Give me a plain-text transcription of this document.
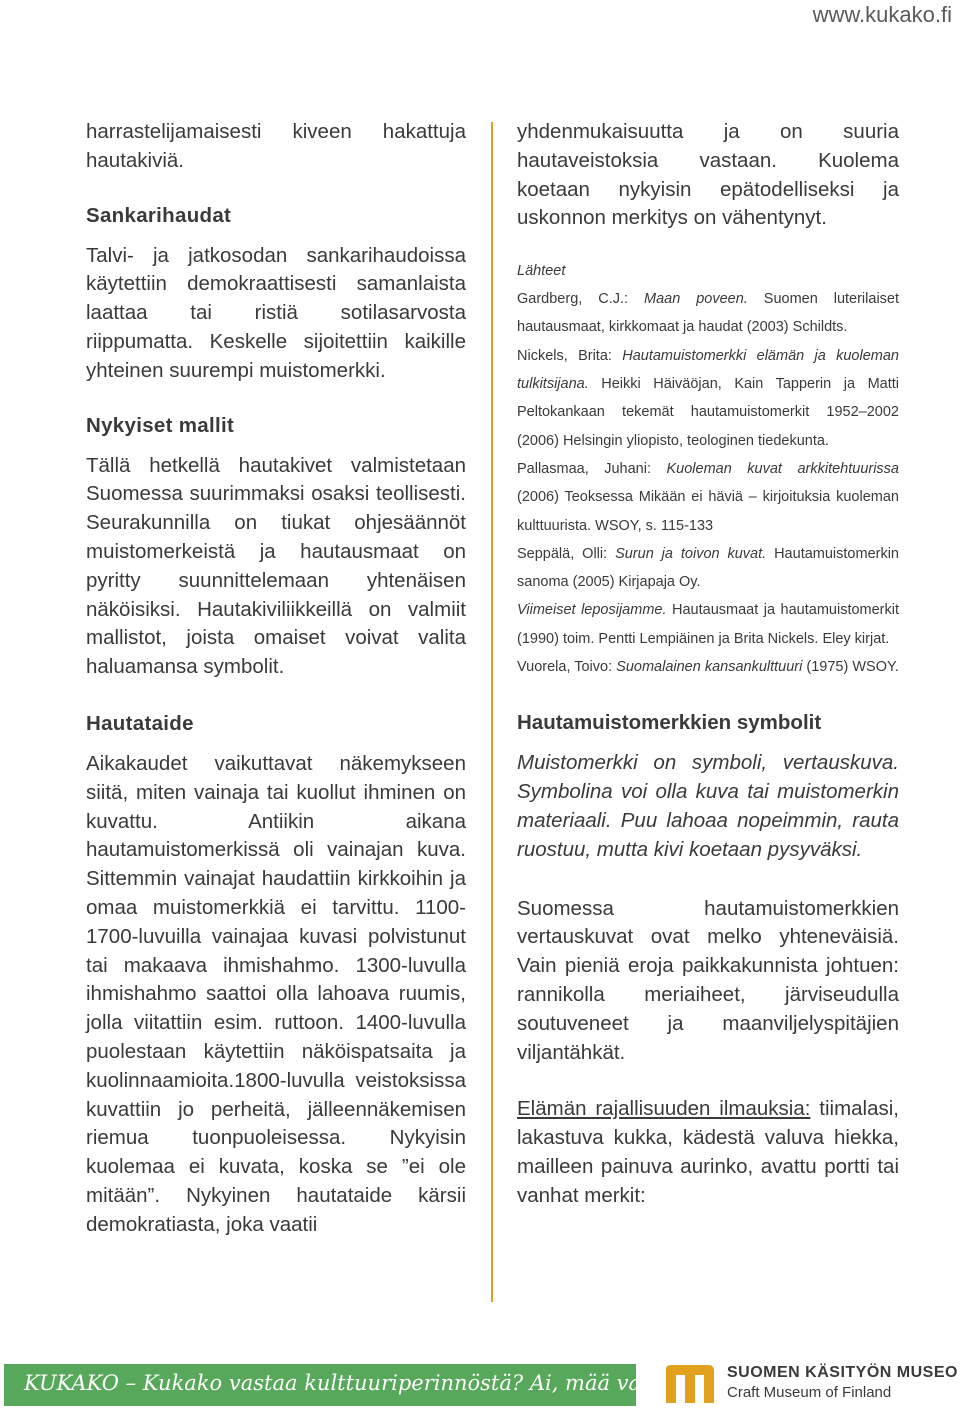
www.kukako.fi

harrastelijamaisesti kiveen hakattuja hautakiviä.

Sankarihaudat

Talvi- ja jatkosodan sankarihaudoissa käytettiin demokraattisesti samanlaista laattaa tai ristiä sotilasarvosta riippumatta. Keskelle sijoitettiin kaikille yhteinen suurempi muistomerkki.

Nykyiset mallit

Tällä hetkellä hautakivet valmistetaan Suomessa suurimmaksi osaksi teollisesti. Seurakunnilla on tiukat ohjesäännöt muistomerkeistä ja hautausmaat on pyritty suunnittelemaan yhtenäisen näköisiksi. Hautakiviliikkeillä on valmiit mallistot, joista omaiset voivat valita haluamansa symbolit.

Hautataide

Aikakaudet vaikuttavat näkemykseen siitä, miten vainaja tai kuollut ihminen on kuvattu. Antiikin aikana hautamuistomerkissä oli vainajan kuva. Sittemmin vainajat haudattiin kirkkoihin ja omaa muistomerkkiä ei tarvittu. 1100-1700-luvuilla vainajaa kuvasi polvistunut tai makaava ihmishahmo. 1300-luvulla ihmishahmo saattoi olla lahoava ruumis, jolla viitattiin esim. ruttoon. 1400-luvulla puolestaan käytettiin näköispatsaita ja kuolinnaamioita.1800-luvulla veistoksissa kuvattiin jo perheitä, jälleennäkemisen riemua tuonpuoleisessa. Nykyisin kuolemaa ei kuvata, koska se ”ei ole mitään”. Nykyinen hautataide kärsii demokratiasta, joka vaatii

yhdenmukaisuutta ja on suuria hautaveistoksia vastaan. Kuolema koetaan nykyisin epätodelliseksi ja uskonnon merkitys on vähentynyt.

Lähteet

Gardberg, C.J.: Maan poveen. Suomen luterilaiset hautausmaat, kirkkomaat ja haudat (2003) Schildts.

Nickels, Brita: Hautamuistomerkki elämän ja kuoleman tulkitsijana. Heikki Häiväöjan, Kain Tapperin ja Matti Peltokankaan tekemät hautamuistomerkit 1952–2002 (2006) Helsingin yliopisto, teologinen tiedekunta.

Pallasmaa, Juhani: Kuoleman kuvat arkkitehtuurissa (2006) Teoksessa Mikään ei häviä – kirjoituksia kuoleman kulttuurista. WSOY, s. 115-133

Seppälä, Olli: Surun ja toivon kuvat. Hautamuistomerkin sanoma (2005) Kirjapaja Oy.

Viimeiset leposijamme. Hautausmaat ja hautamuistomerkit (1990) toim. Pentti Lempiäinen ja Brita Nickels. Eley kirjat.

Vuorela, Toivo: Suomalainen kansankulttuuri (1975) WSOY.

Hautamuistomerkkien symbolit

Muistomerkki on symboli, vertauskuva. Symbolina voi olla kuva tai muistomerkin materiaali. Puu lahoaa nopeimmin, rauta ruostuu, mutta kivi koetaan pysyväksi.

Suomessa hautamuistomerkkien vertauskuvat ovat melko yhteneväisiä. Vain pieniä eroja paikkakunnista johtuen: rannikolla meriaiheet, järviseudulla soutuveneet ja maanviljelyspitäjien viljantähkät.

Elämän rajallisuuden ilmauksia: tiimalasi, lakastuva kukka, kädestä valuva hiekka, mailleen painuva aurinko, avattu portti tai vanhat merkit:

KUKAKO – Kukako vastaa kulttuuriperinnöstä? Ai, mää vai?	SUOMEN KÄSITYÖN MUSEO
Craft Museum of Finland
